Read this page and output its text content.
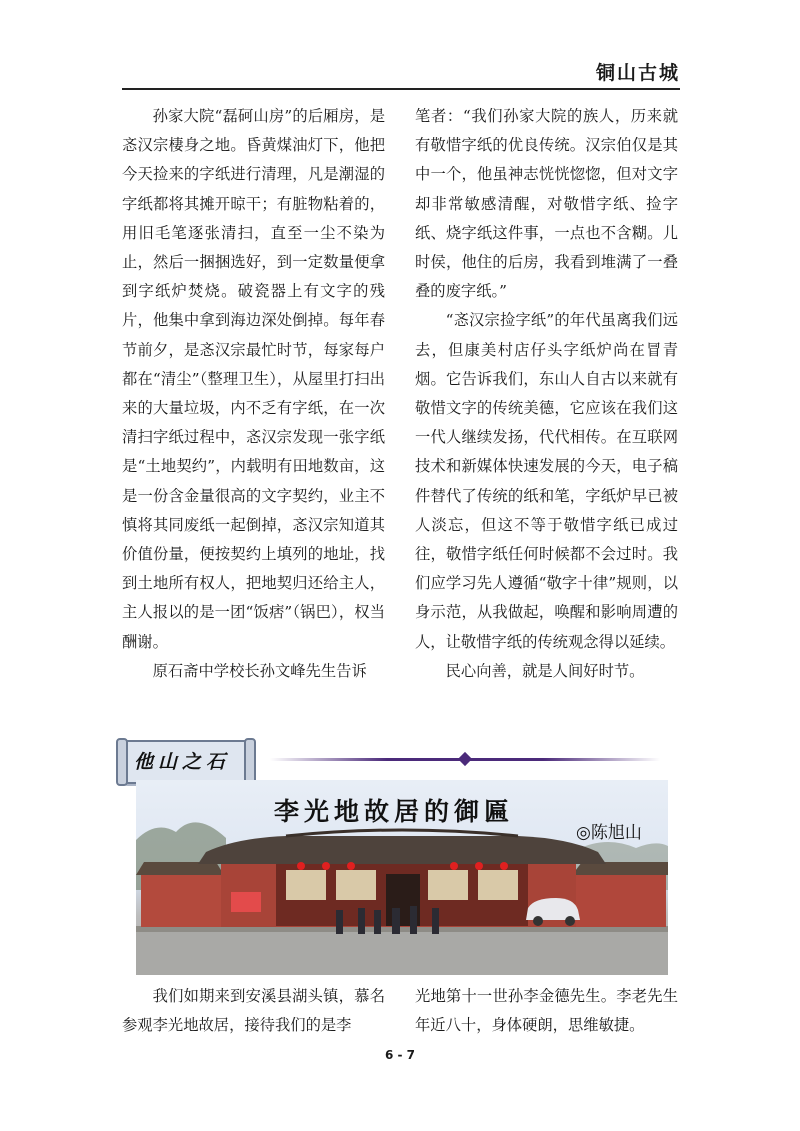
铜山古城

孙家大院“磊砢山房”的后厢房，是忞汉宗棲身之地。昏黄煤油灯下，他把今天捡来的字纸进行清理，凡是潮湿的字纸都将其摊开晾干；有脏物粘着的，用旧毛笔逐张清扫，直至一尘不染为止，然后一捆捆选好，到一定数量便拿到字纸炉焚烧。破瓷器上有文字的残片，他集中拿到海边深处倒掉。每年春节前夕，是忞汉宗最忙时节，每家每户都在“清尘”（整理卫生），从屋里打扫出来的大量垃圾，内不乏有字纸，在一次清扫字纸过程中，忞汉宗发现一张字纸是“土地契约”，内载明有田地数亩，这是一份含金量很高的文字契约，业主不慎将其同废纸一起倒掉，忞汉宗知道其价值份量，便按契约上填列的地址，找到土地所有权人，把地契归还给主人，主人报以的是一团“饭痞”（锅巴），权当酬谢。

原石斋中学校长孙文峰先生告诉

笔者：“我们孙家大院的族人，历来就有敬惜字纸的优良传统。汉宗伯仅是其中一个，他虽神志恍恍惚惚，但对文字却非常敏感清醒，对敬惜字纸、捡字纸、烧字纸这件事，一点也不含糊。儿时侯，他住的后房，我看到堆满了一叠叠的废字纸。”

“忞汉宗捡字纸”的年代虽离我们远去，但康美村店仔头字纸炉尚在冒青烟。它告诉我们，东山人自古以来就有敬惜文字的传统美德，它应该在我们这一代人继续发扬，代代相传。在互联网技术和新媒体快速发展的今天，电子稿件替代了传统的纸和笔，字纸炉早已被人淡忘，但这不等于敬惜字纸已成过往，敬惜字纸任何时候都不会过时。我们应学习先人遵循“敬字十律”规则，以身示范，从我做起，唤醒和影响周遭的人，让敬惜字纸的传统观念得以延续。

民心向善，就是人间好时节。

他山之石
李光地故居的御匾
◎陈旭山

我们如期来到安溪县湖头镇，慕名参观李光地故居，接待我们的是李

光地第十一世孙李金德先生。李老先生年近八十，身体硬朗，思维敏捷。

6 - 7
